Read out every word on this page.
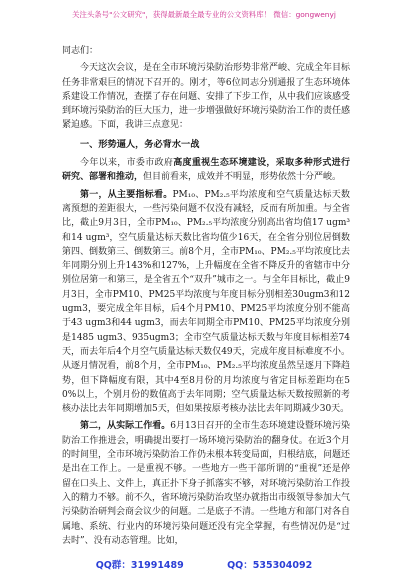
关注头条号"公文研究"，获得最新最全最专业的公文资料库！ 微信：gongwenyj

同志们：

今天这次会议，是在全市环境污染防治形势非常严峻、完成全年目标任务非常艰巨的情况下召开的。刚才，等6位同志分别通报了生态环境体系建设工作情况，查摆了存在问题、安排了下步工作，从中我们应该感受到环境污染防治的巨大压力，进一步增强做好环境污染防治工作的责任感紧迫感。下面，我讲三点意见：

一、形势逼人，务必背水一战

今年以来，市委市政府高度重视生态环境建设，采取多种形式进行研究、部署和推动，但目前看来，成效并不明显，形势依然十分严峻。

第一，从主要指标看。PM₁₀、PM₂.₅平均浓度和空气质量达标天数离预想的差距很大，一些污染问题不仅没有减轻，反而有所加重。与全省比，截止9月3日，全市PM₁₀、PM₂.₅平均浓度分别高出省均值17 ugm³和14 ugm³，空气质量达标天数比省均值少16天，在全省分别位居倒数第四、倒数第三、倒数第三。前8个月，全市PM₁₀、PM₂.₅平均浓度比去年同期分别上升143%和127%，上升幅度在全省不降反升的省辖市中分别位居第一和第三，是全省五个“双升”城市之一。与全年目标比，截止9月3日，全市PM10、PM25平均浓度与年度目标分别相差30ugm3和12 ugm3，要完成全年目标，后4个月PM10、PM25平均浓度分别不能高于43 ugm3和44 ugm3，而去年同期全市PM10、PM25平均浓度分别是1485 ugm3、935ugm3；全市空气质量达标天数与年度目标相差74天，而去年后4个月空气质量达标天数仅49天，完成年度目标难度不小。从逐月情况看，前8个月，全市PM₁₀、PM₂.₅平均浓度虽然呈逐月下降趋势，但下降幅度有限，其中4至8月份的月均浓度与省定目标差距均在50%以上，个别月份的数值高于去年同期；空气质量达标天数按照新的考核办法比去年同期增加5天，但如果按原考核办法比去年同期减少30天。

第二，从实际工作看。6月13日召开的全市生态环境建设暨环境污染防治工作推进会，明确提出要打一场环境污染防治的翻身仗。在近3个月的时间里，全市环境污染防治工作仍未根本转变局面，归根结底，问题还是出在工作上。一是重视不够。一些地方一些干部所谓的“重视”还是停留在口头上、文件上，真正扑下身子抓落实不够，对环境污染防治工作投入的精力不够。前不久，省环境污染防治攻坚办就指出市级领导参加大气污染防治研判会商会议少的问题。二是底子不清。一些地方和部门对各自属地、系统、行业内的环境污染问题还没有完全掌握，有些情况仍是“过去时”、没有动态管理。比如，

QQ群：31991489	QQ：535304092
